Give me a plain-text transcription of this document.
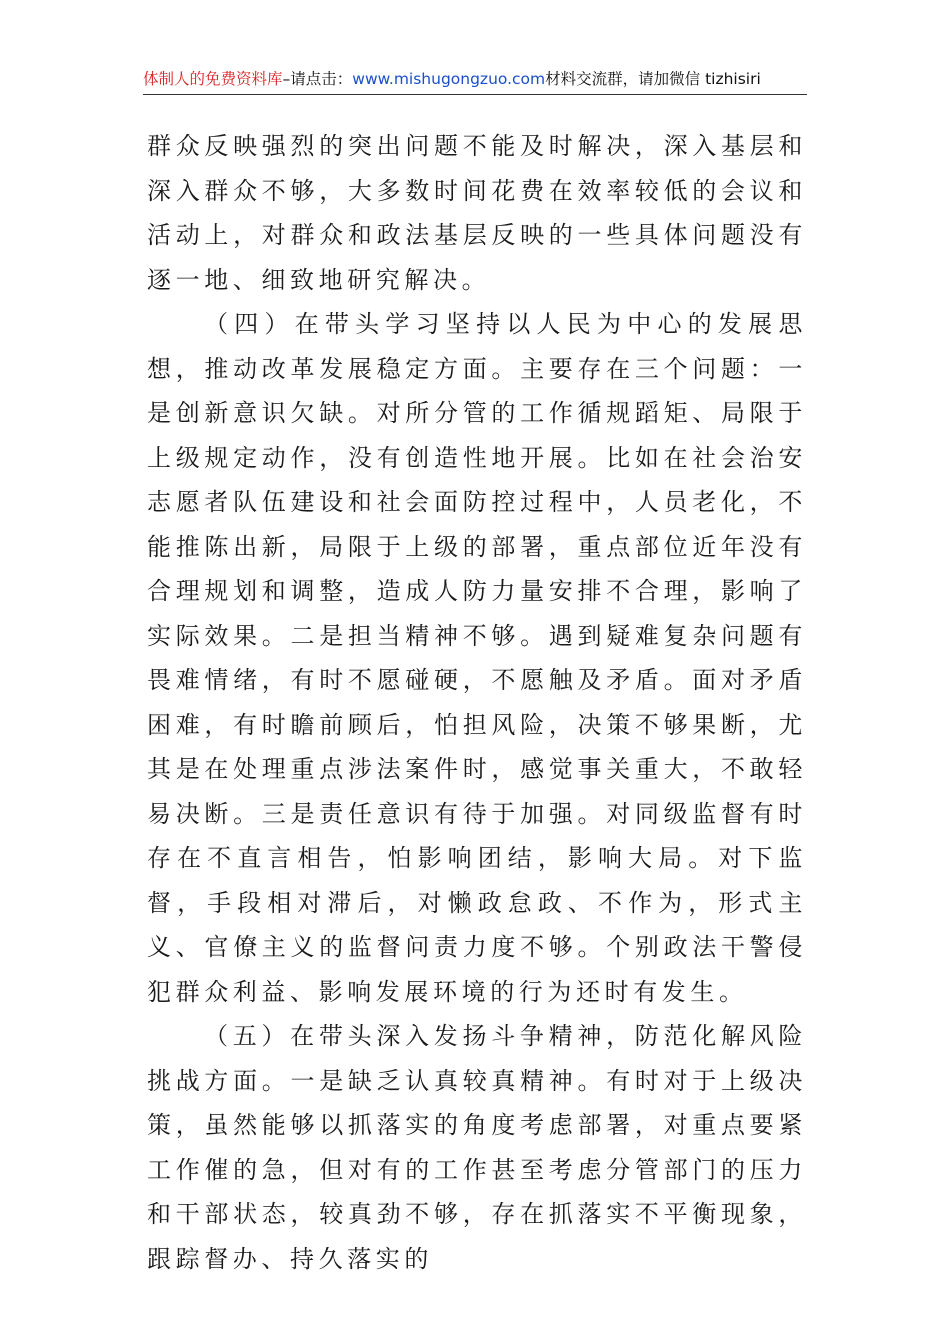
体制人的免费资料库–请点击：www.mishugongzuo.com材料交流群，请加微信 tizhisiri

群众反映强烈的突出问题不能及时解决，深入基层和深入群众不够，大多数时间花费在效率较低的会议和活动上，对群众和政法基层反映的一些具体问题没有逐一地、细致地研究解决。

（四）在带头学习坚持以人民为中心的发展思想，推动改革发展稳定方面。主要存在三个问题：一是创新意识欠缺。对所分管的工作循规蹈矩、局限于上级规定动作，没有创造性地开展。比如在社会治安志愿者队伍建设和社会面防控过程中，人员老化，不能推陈出新，局限于上级的部署，重点部位近年没有合理规划和调整，造成人防力量安排不合理，影响了实际效果。二是担当精神不够。遇到疑难复杂问题有畏难情绪，有时不愿碰硬，不愿触及矛盾。面对矛盾困难，有时瞻前顾后，怕担风险，决策不够果断，尤其是在处理重点涉法案件时，感觉事关重大，不敢轻易决断。三是责任意识有待于加强。对同级监督有时存在不直言相告，怕影响团结，影响大局。对下监督，手段相对滞后，对懒政怠政、不作为，形式主义、官僚主义的监督问责力度不够。个别政法干警侵犯群众利益、影响发展环境的行为还时有发生。

（五）在带头深入发扬斗争精神，防范化解风险挑战方面。一是缺乏认真较真精神。有时对于上级决策，虽然能够以抓落实的角度考虑部署，对重点要紧工作催的急，但对有的工作甚至考虑分管部门的压力和干部状态，较真劲不够，存在抓落实不平衡现象，跟踪督办、持久落实的
